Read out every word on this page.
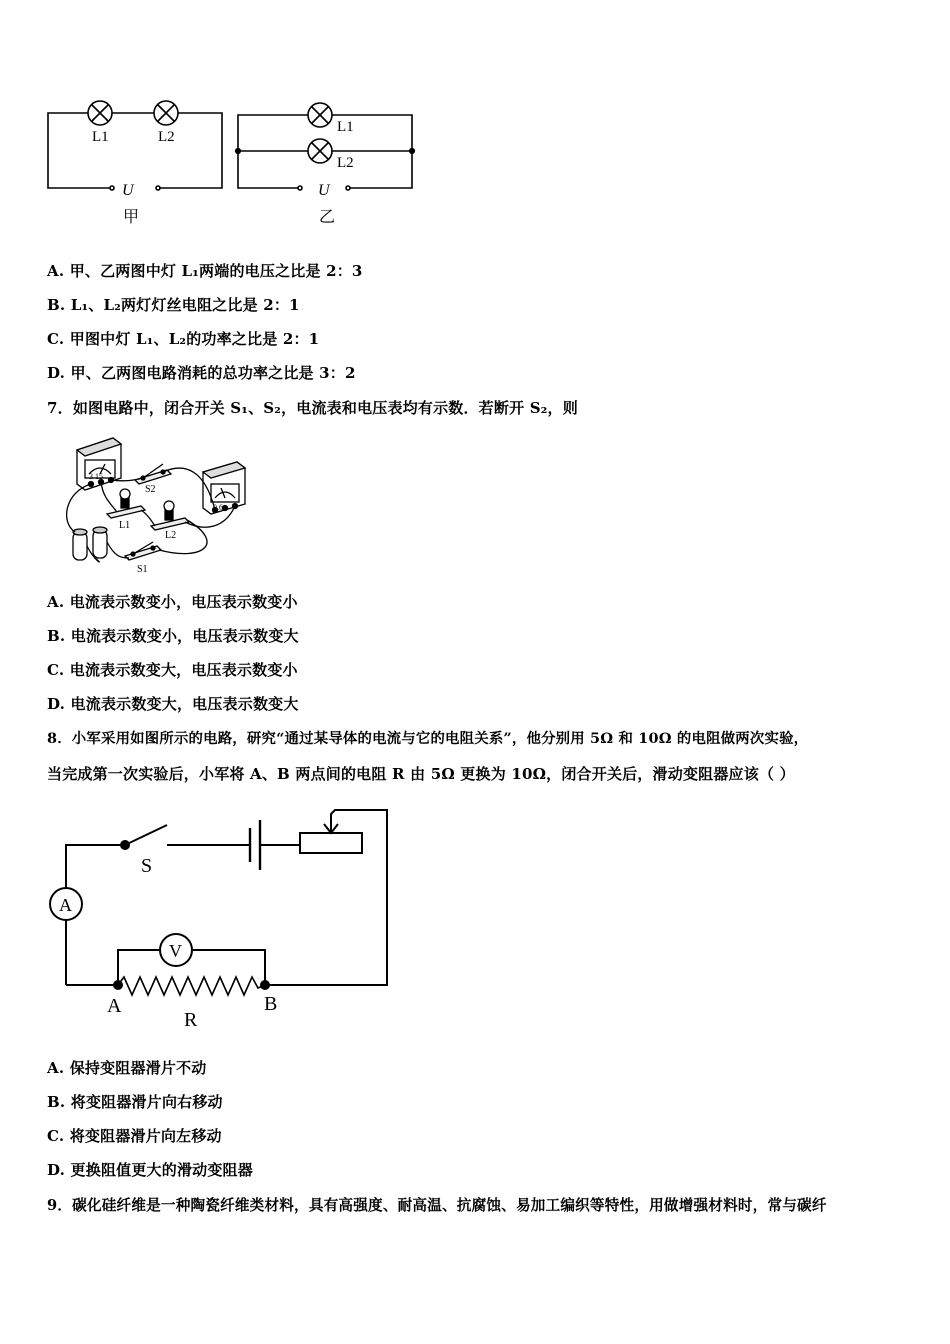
L1	L2
U
甲
L1
L2
U
乙
A. 甲、乙两图中灯 L₁两端的电压之比是 2：3
B. L₁、L₂两灯灯丝电阻之比是 2：1
C. 甲图中灯 L₁、L₂的功率之比是 2：1
D. 甲、乙两图电路消耗的总功率之比是 3：2
7．如图电路中，闭合开关 S₁、S₂，电流表和电压表均有示数．若断开 S₂，则
3 15
0.6
S2
L1
L2
S1
A. 电流表示数变小，电压表示数变小
B. 电流表示数变小，电压表示数变大
C. 电流表示数变大，电压表示数变小
D. 电流表示数变大，电压表示数变大
8．小军采用如图所示的电路，研究“通过某导体的电流与它的电阻关系”，他分别用 5Ω 和 10Ω 的电阻做两次实验，
当完成第一次实验后，小军将 A、B 两点间的电阻 R 由 5Ω 更换为 10Ω，闭合开关后，滑动变阻器应该（ ）
S
A
V
A	B
R
A. 保持变阻器滑片不动
B. 将变阻器滑片向右移动
C. 将变阻器滑片向左移动
D. 更换阻值更大的滑动变阻器
9．碳化硅纤维是一种陶瓷纤维类材料，具有高强度、耐高温、抗腐蚀、易加工编织等特性，用做增强材料时，常与碳纤
